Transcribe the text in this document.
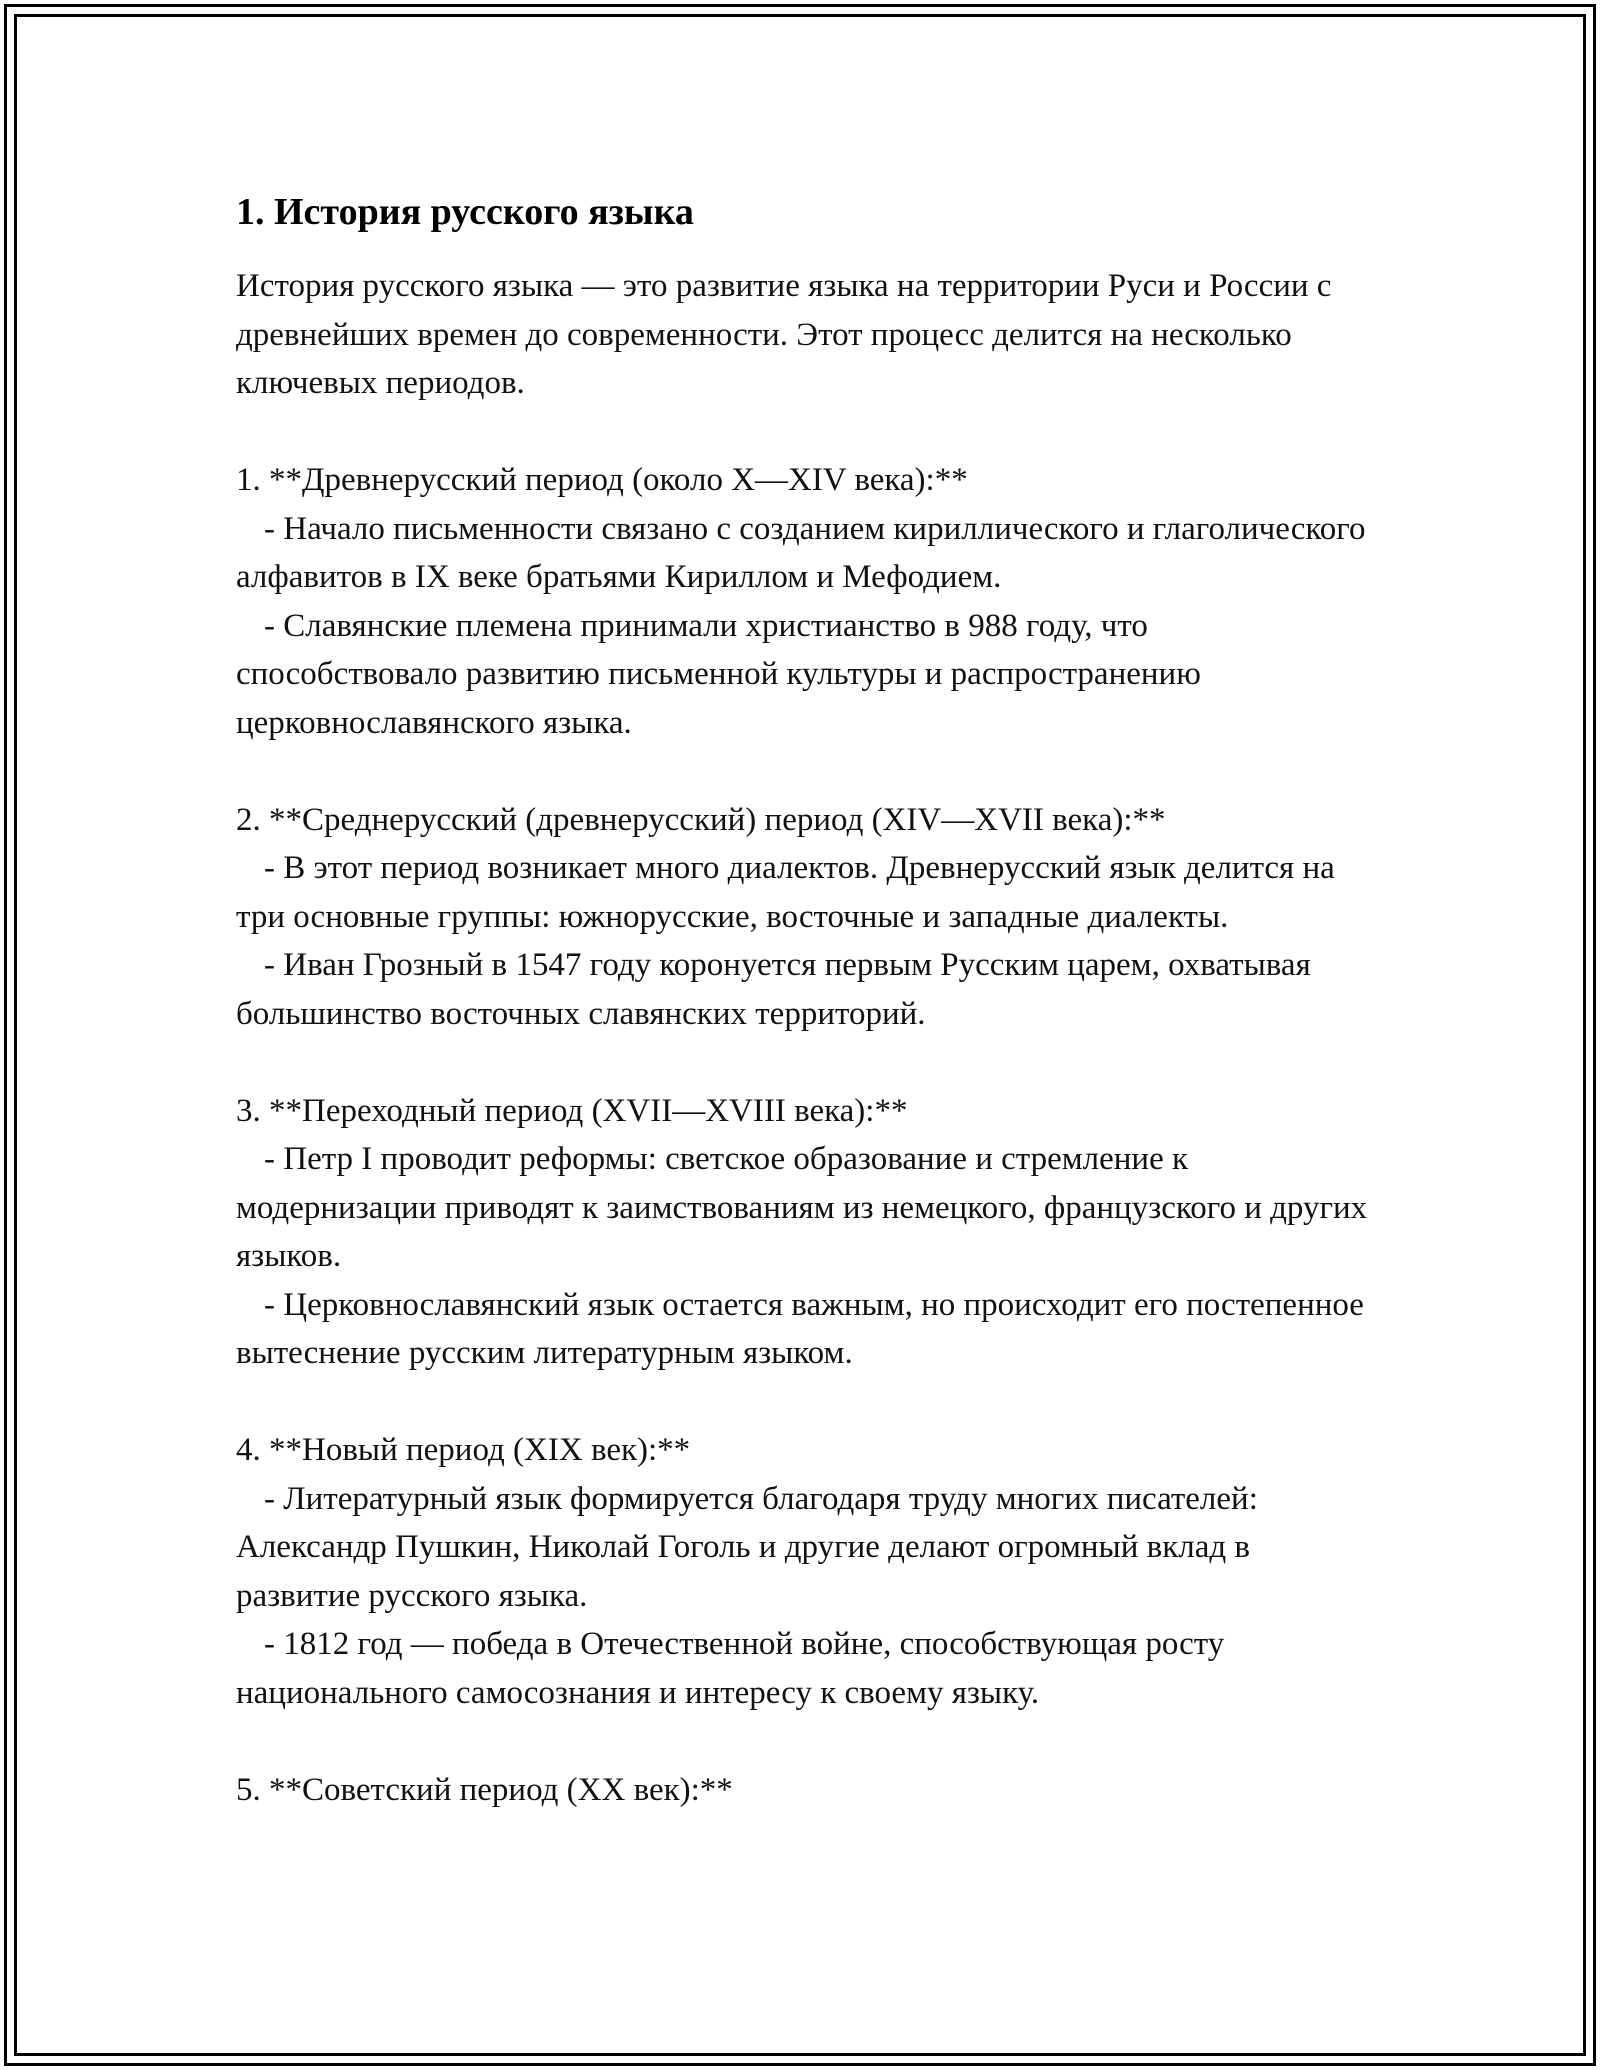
1. История русского языка

История русского языка — это развитие языка на территории Руси и России с древнейших времен до современности. Этот процесс делится на несколько ключевых периодов.

1. **Древнерусский период (около X—XIV века):**

- Начало письменности связано с созданием кириллического и глаголического алфавитов в IX веке братьями Кириллом и Мефодием.

- Славянские племена принимали христианство в 988 году, что способствовало развитию письменной культуры и распространению церковнославянского языка.

2. **Среднерусский (древнерусский) период (XIV—XVII века):**

- В этот период возникает много диалектов. Древнерусский язык делится на три основные группы: южнорусские, восточные и западные диалекты.

- Иван Грозный в 1547 году коронуется первым Русским царем, охватывая большинство восточных славянских территорий.

3. **Переходный период (XVII—XVIII века):**

- Петр I проводит реформы: светское образование и стремление к модернизации приводят к заимствованиям из немецкого, французского и других языков.

- Церковнославянский язык остается важным, но происходит его постепенное вытеснение русским литературным языком.

4. **Новый период (XIX век):**

- Литературный язык формируется благодаря труду многих писателей: Александр Пушкин, Николай Гоголь и другие делают огромный вклад в развитие русского языка.

- 1812 год — победа в Отечественной войне, способствующая росту национального самосознания и интересу к своему языку.

5. **Советский период (XX век):**
